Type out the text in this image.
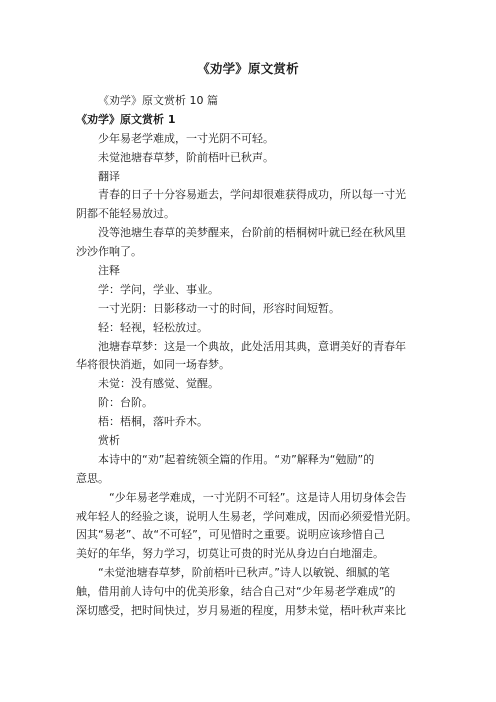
《劝学》原文赏析
《劝学》原文赏析 10 篇
《劝学》原文赏析 1
少年易老学难成，一寸光阴不可轻。
未觉池塘春草梦，阶前梧叶已秋声。
翻译
青春的日子十分容易逝去，学问却很难获得成功，所以每一寸光
阴都不能轻易放过。
没等池塘生春草的美梦醒来，台阶前的梧桐树叶就已经在秋风里
沙沙作响了。
注释
学：学问，学业、事业。
一寸光阴：日影移动一寸的时间，形容时间短暂。
轻：轻视，轻松放过。
池塘春草梦：这是一个典故，此处活用其典，意谓美好的青春年
华将很快消逝，如同一场春梦。
未觉：没有感觉、觉醒。
阶：台阶。
梧：梧桐，落叶乔木。
赏析
本诗中的“劝”起着统领全篇的作用。“劝”解释为“勉励”的
意思。
“少年易老学难成，一寸光阴不可轻”。这是诗人用切身体会告
戒年轻人的经验之谈，说明人生易老，学问难成，因而必须爱惜光阴。
因其“易老”、故“不可轻”，可见惜时之重要。说明应该珍惜自己
美好的年华，努力学习，切莫让可贵的时光从身边白白地溜走。
“未觉池塘春草梦，阶前梧叶已秋声。”诗人以敏锐、细腻的笔
触，借用前人诗句中的优美形象，结合自己对“少年易老学难成”的
深切感受，把时间快过，岁月易逝的程度，用梦未觉，梧叶秋声来比
